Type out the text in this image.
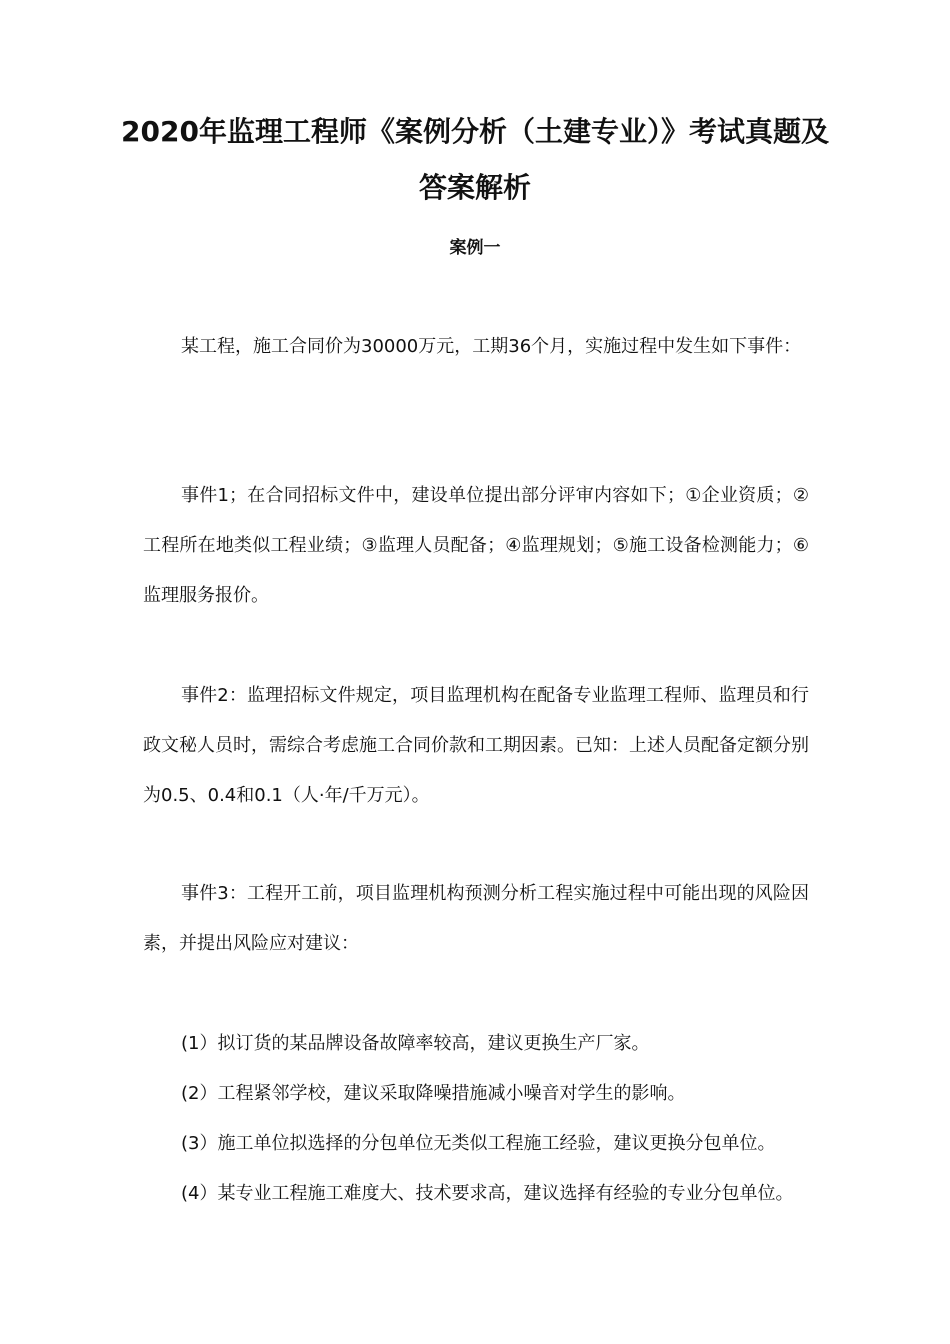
2020年监理工程师《案例分析（土建专业）》考试真题及答案解析
案例一

某工程，施工合同价为30000万元，工期36个月，实施过程中发生如下事件：

事件1；在合同招标文件中，建设单位提出部分评审内容如下；①企业资质；②工程所在地类似工程业绩；③监理人员配备；④监理规划；⑤施工设备检测能力；⑥监理服务报价。

事件2：监理招标文件规定，项目监理机构在配备专业监理工程师、监理员和行政文秘人员时，需综合考虑施工合同价款和工期因素。已知：上述人员配备定额分别为0.5、0.4和0.1（人·年/千万元）。

事件3：工程开工前，项目监理机构预测分析工程实施过程中可能出现的风险因素，并提出风险应对建议：

(1）拟订货的某品牌设备故障率较高，建议更换生产厂家。

(2）工程紧邻学校，建议采取降噪措施减小噪音对学生的影响。

(3）施工单位拟选择的分包单位无类似工程施工经验，建议更换分包单位。

(4）某专业工程施工难度大、技术要求高，建议选择有经验的专业分包单位。
